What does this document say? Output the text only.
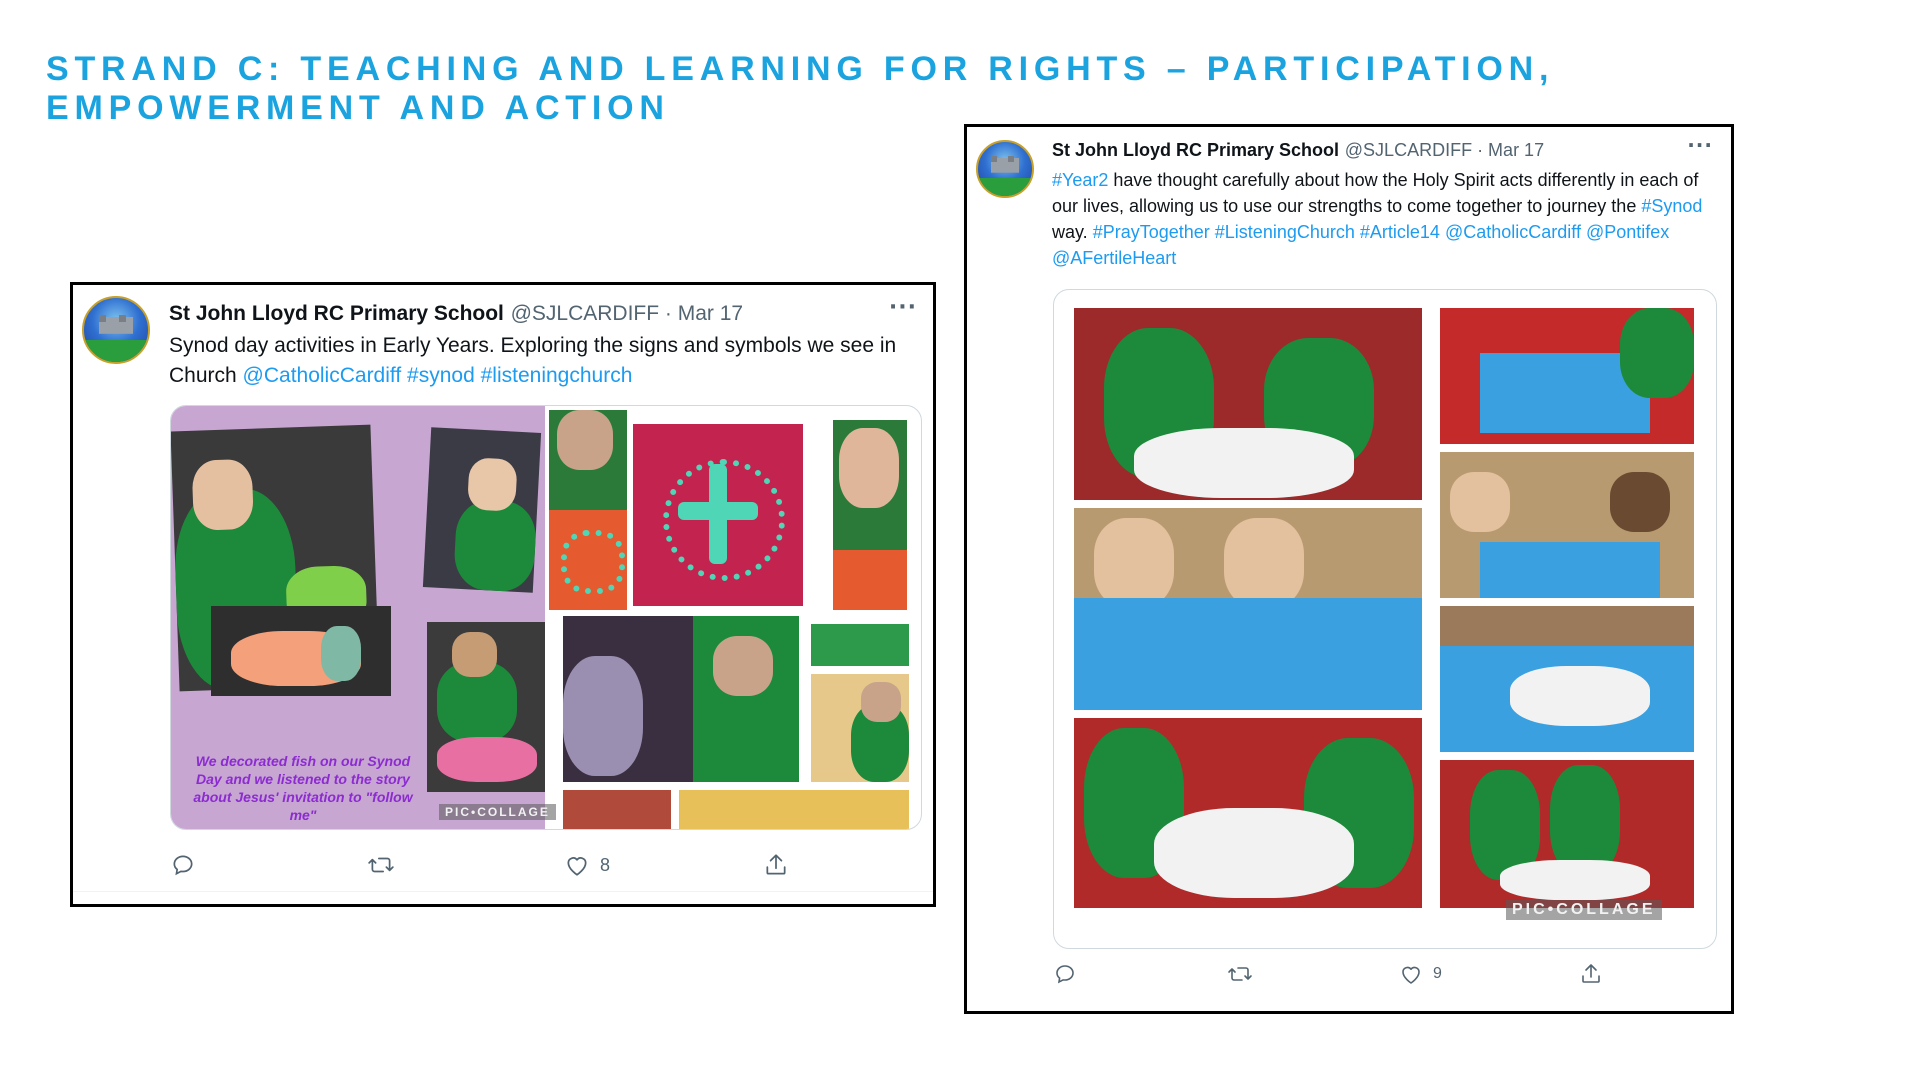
STRAND C: TEACHING AND LEARNING FOR RIGHTS – PARTICIPATION, EMPOWERMENT AND ACTION
St John Lloyd RC Primary School @SJLCARDIFF · Mar 17	···
Synod day activities in Early Years. Exploring the signs and symbols we see in Church @CatholicCardiff #synod #listeningchurch
We decorated fish on our Synod Day and we listened to the story about Jesus' invitation to "follow me"	PIC•COLLAGE
8
St John Lloyd RC Primary School @SJLCARDIFF · Mar 17	···
#Year2 have thought carefully about how the Holy Spirit acts differently in each of our lives, allowing us to use our strengths to come together to journey the #Synod way. #PrayTogether #ListeningChurch #Article14 @CatholicCardiff @Pontifex @AFertileHeart
PIC•COLLAGE
9
